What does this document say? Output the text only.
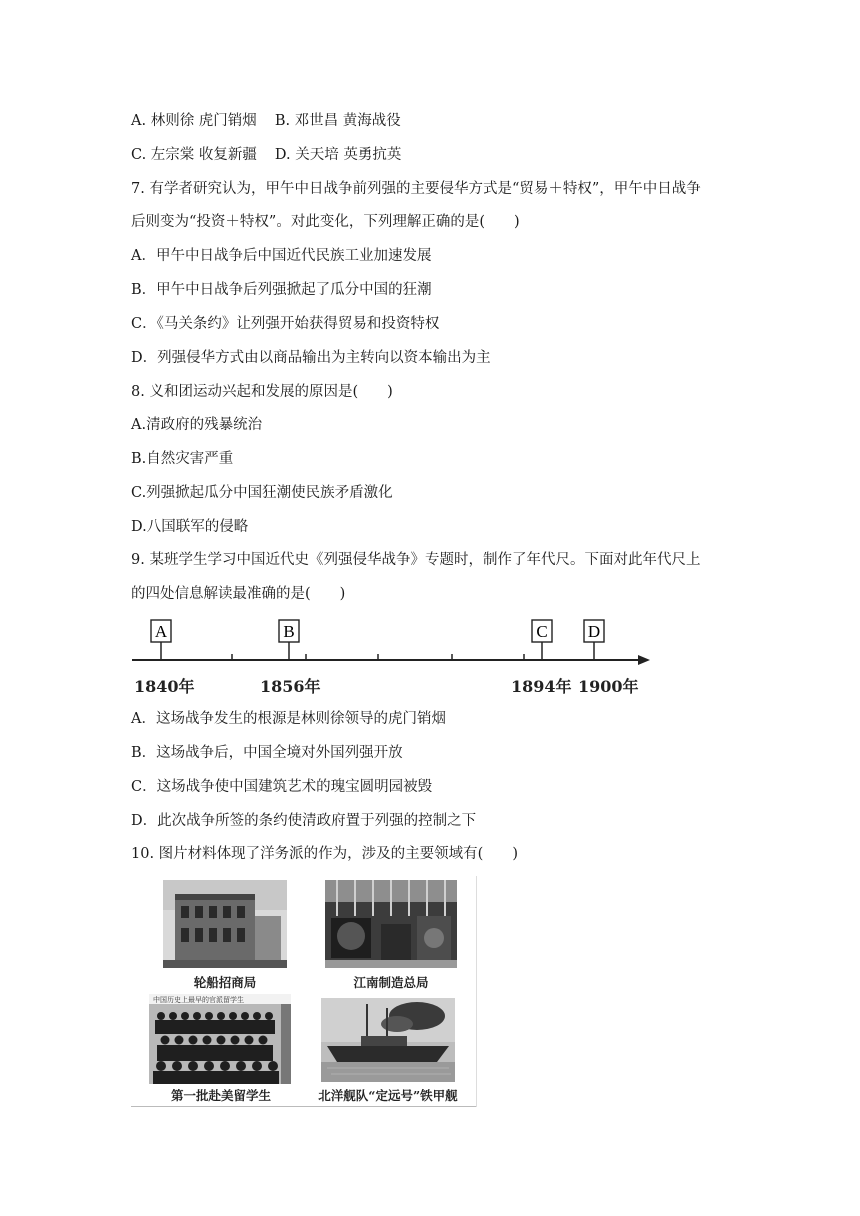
A. 林则徐 虎门销烟 B. 邓世昌 黄海战役
C. 左宗棠 收复新疆 D. 关天培 英勇抗英
7. 有学者研究认为，甲午中日战争前列强的主要侵华方式是“贸易＋特权”，甲午中日战争
后则变为“投资＋特权”。对此变化，下列理解正确的是(　　)
A．甲午中日战争后中国近代民族工业加速发展
B．甲午中日战争后列强掀起了瓜分中国的狂潮
C．《马关条约》让列强开始获得贸易和投资特权
D．列强侵华方式由以商品输出为主转向以资本输出为主
8. 义和团运动兴起和发展的原因是(　　)
A.清政府的残暴统治
B.自然灾害严重
C.列强掀起瓜分中国狂潮使民族矛盾激化
D.八国联军的侵略
9. 某班学生学习中国近代史《列强侵华战争》专题时，制作了年代尺。下面对此年代尺上
的四处信息解读最准确的是(　　)
A	B	C D
1840年	1856年	1894年 1900年
A．这场战争发生的根源是林则徐领导的虎门销烟
B．这场战争后，中国全境对外国列强开放
C．这场战争使中国建筑艺术的瑰宝圆明园被毁
D．此次战争所签的条约使清政府置于列强的控制之下
10. 图片材料体现了洋务派的作为，涉及的主要领域有(　　)
轮船招商局	江南制造总局
中国历史上最早的官派留学生
第一批赴美留学生	北洋舰队“定远号”铁甲舰
